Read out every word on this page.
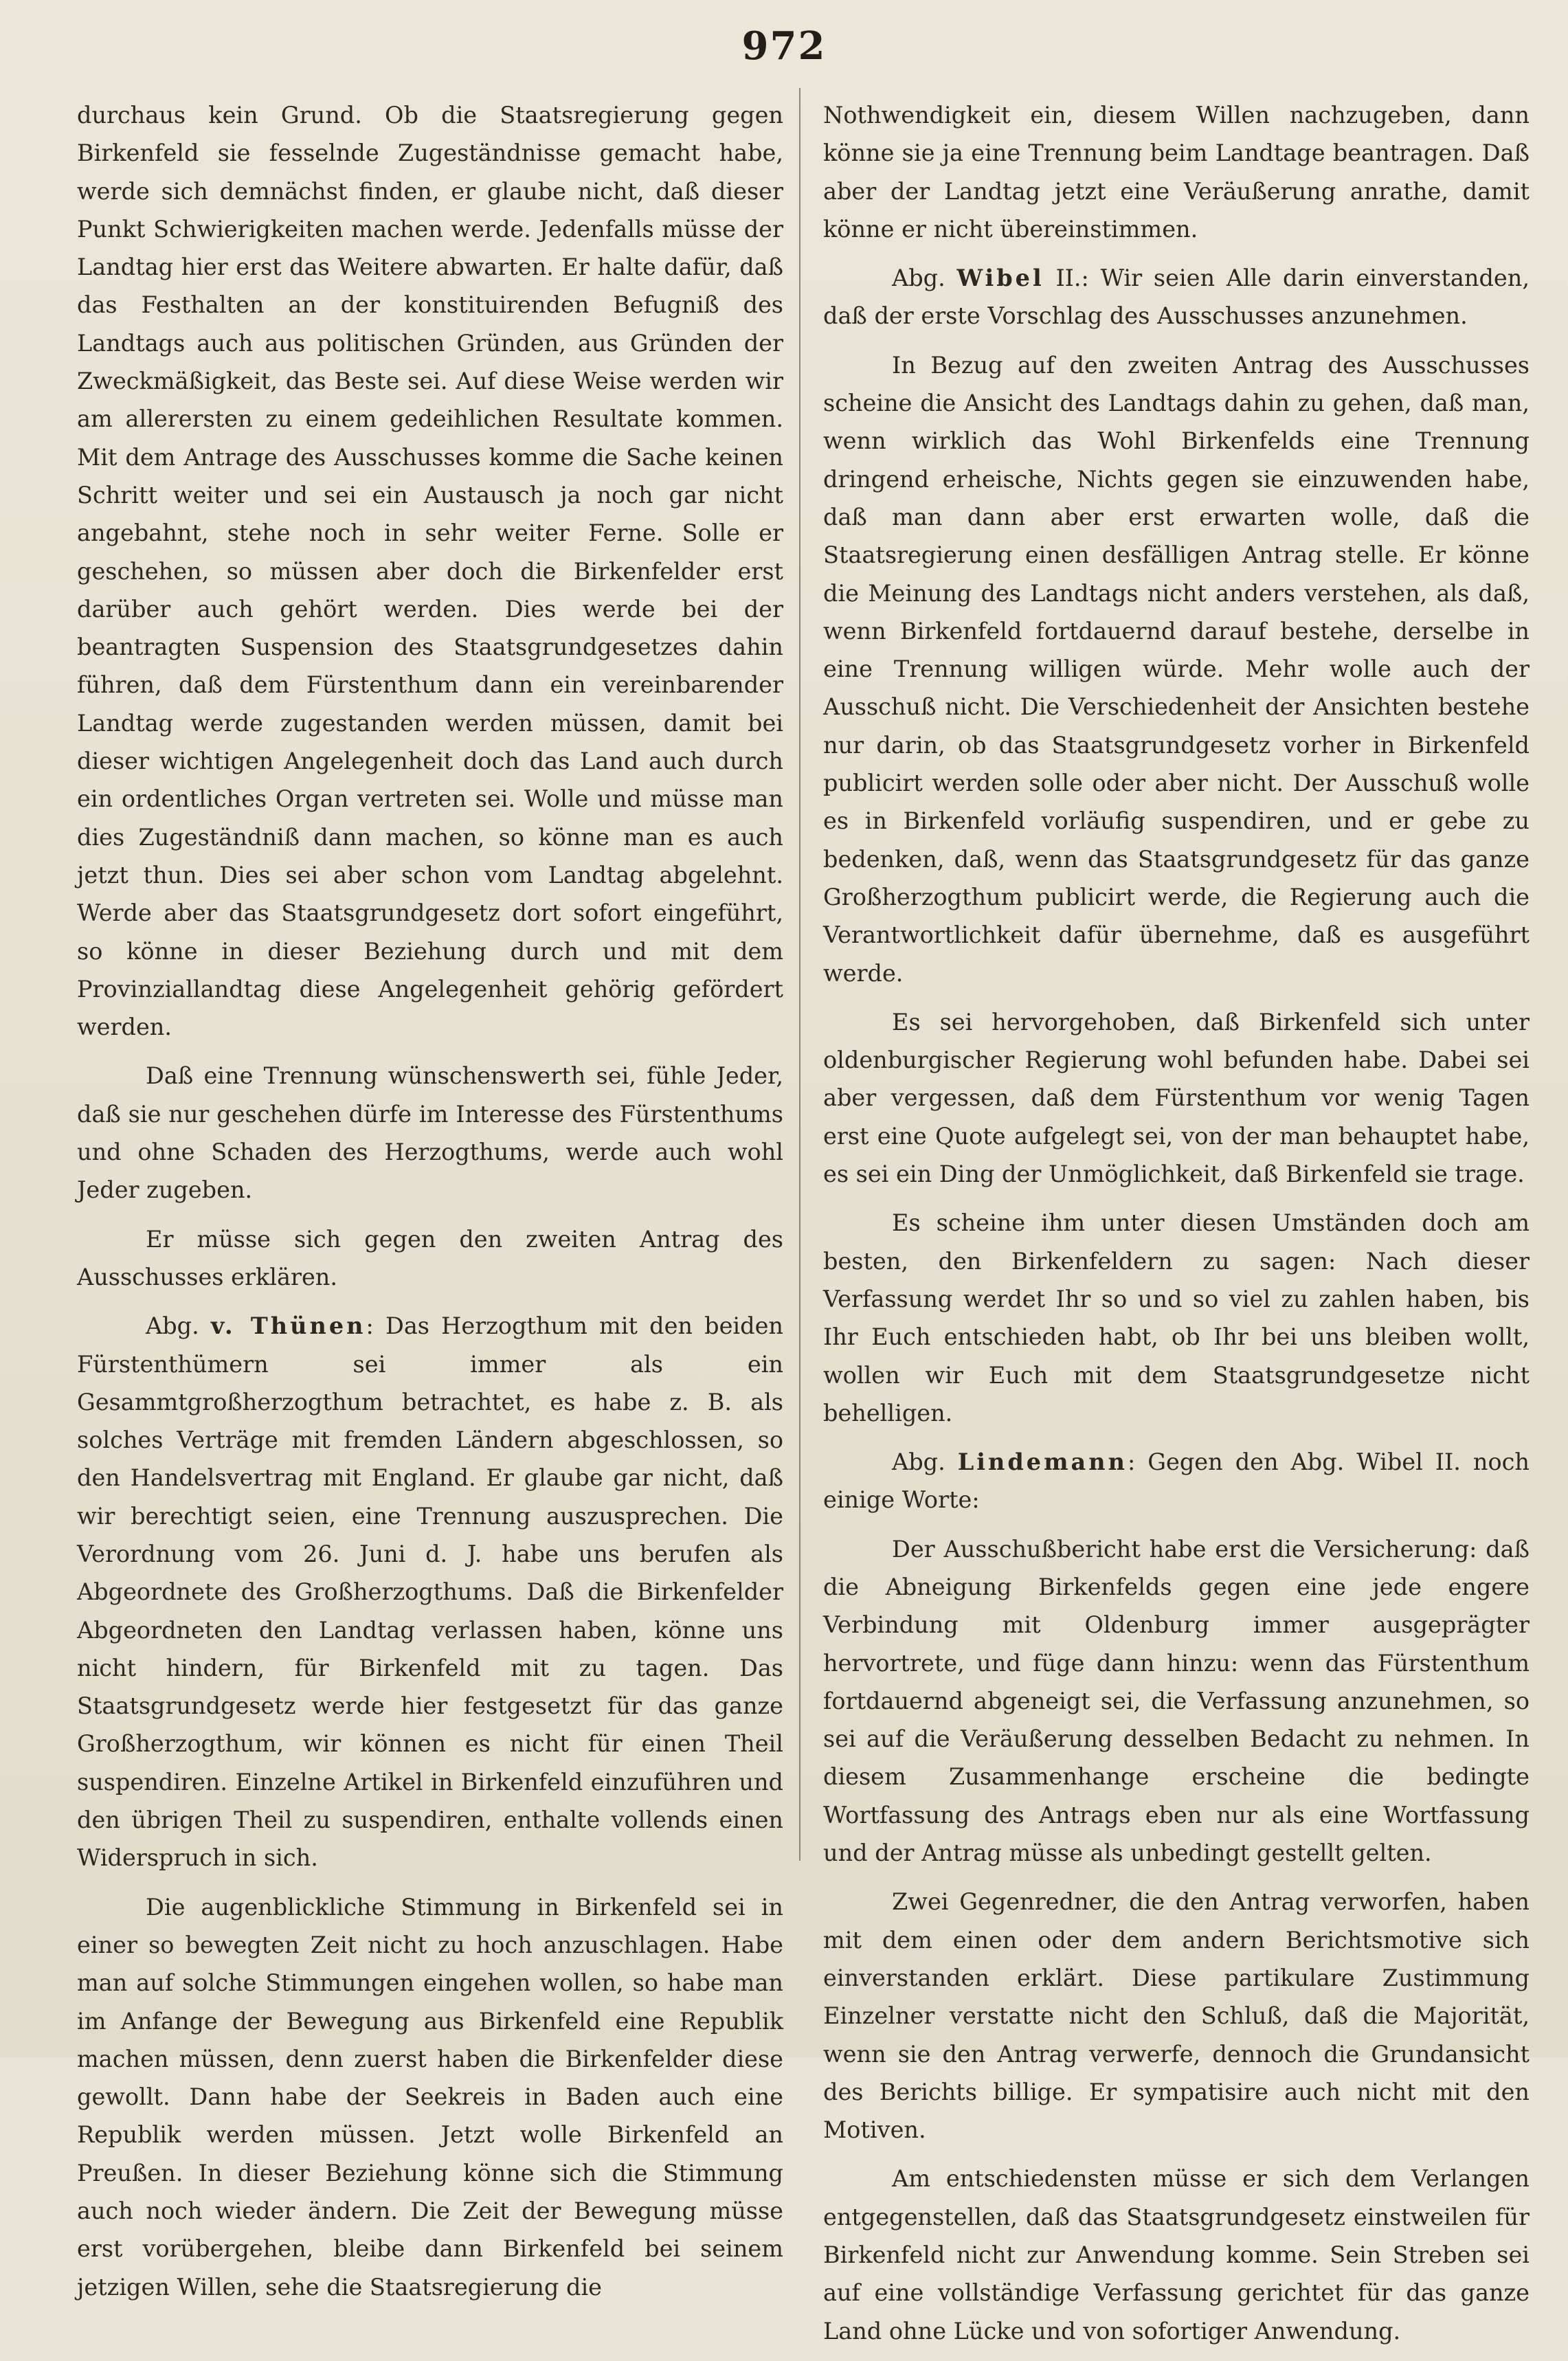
972

durchaus kein Grund. Ob die Staatsregierung gegen Birkenfeld sie fesselnde Zugeständnisse gemacht habe, werde sich demnächst finden, er glaube nicht, daß dieser Punkt Schwierigkeiten machen werde. Jedenfalls müsse der Landtag hier erst das Weitere abwarten. Er halte dafür, daß das Festhalten an der konstituirenden Befugniß des Landtags auch aus politischen Gründen, aus Gründen der Zweckmäßigkeit, das Beste sei. Auf diese Weise werden wir am allerersten zu einem gedeihlichen Resultate kommen. Mit dem Antrage des Ausschusses komme die Sache keinen Schritt weiter und sei ein Austausch ja noch gar nicht angebahnt, stehe noch in sehr weiter Ferne. Solle er geschehen, so müssen aber doch die Birkenfelder erst darüber auch gehört werden. Dies werde bei der beantragten Suspension des Staatsgrundgesetzes dahin führen, daß dem Fürstenthum dann ein vereinbarender Landtag werde zugestanden werden müssen, damit bei dieser wichtigen Angelegenheit doch das Land auch durch ein ordentliches Organ vertreten sei. Wolle und müsse man dies Zugeständniß dann machen, so könne man es auch jetzt thun. Dies sei aber schon vom Landtag abgelehnt. Werde aber das Staatsgrundgesetz dort sofort eingeführt, so könne in dieser Beziehung durch und mit dem Provinziallandtag diese Angelegenheit gehörig gefördert werden.

Daß eine Trennung wünschenswerth sei, fühle Jeder, daß sie nur geschehen dürfe im Interesse des Fürstenthums und ohne Schaden des Herzogthums, werde auch wohl Jeder zugeben.

Er müsse sich gegen den zweiten Antrag des Ausschusses erklären.

Abg. v. Thünen: Das Herzogthum mit den beiden Fürstenthümern sei immer als ein Gesammtgroßherzogthum betrachtet, es habe z. B. als solches Verträge mit fremden Ländern abgeschlossen, so den Handelsvertrag mit England. Er glaube gar nicht, daß wir berechtigt seien, eine Trennung auszusprechen. Die Verordnung vom 26. Juni d. J. habe uns berufen als Abgeordnete des Großherzogthums. Daß die Birkenfelder Abgeordneten den Landtag verlassen haben, könne uns nicht hindern, für Birkenfeld mit zu tagen. Das Staatsgrundgesetz werde hier festgesetzt für das ganze Großherzogthum, wir können es nicht für einen Theil suspendiren. Einzelne Artikel in Birkenfeld einzuführen und den übrigen Theil zu suspendiren, enthalte vollends einen Widerspruch in sich.

Die augenblickliche Stimmung in Birkenfeld sei in einer so bewegten Zeit nicht zu hoch anzuschlagen. Habe man auf solche Stimmungen eingehen wollen, so habe man im Anfange der Bewegung aus Birkenfeld eine Republik machen müssen, denn zuerst haben die Birkenfelder diese gewollt. Dann habe der Seekreis in Baden auch eine Republik werden müssen. Jetzt wolle Birkenfeld an Preußen. In dieser Beziehung könne sich die Stimmung auch noch wieder ändern. Die Zeit der Bewegung müsse erst vorübergehen, bleibe dann Birkenfeld bei seinem jetzigen Willen, sehe die Staatsregierung die

Nothwendigkeit ein, diesem Willen nachzugeben, dann könne sie ja eine Trennung beim Landtage beantragen. Daß aber der Landtag jetzt eine Veräußerung anrathe, damit könne er nicht übereinstimmen.

Abg. Wibel II.: Wir seien Alle darin einverstanden, daß der erste Vorschlag des Ausschusses anzunehmen.

In Bezug auf den zweiten Antrag des Ausschusses scheine die Ansicht des Landtags dahin zu gehen, daß man, wenn wirklich das Wohl Birkenfelds eine Trennung dringend erheische, Nichts gegen sie einzuwenden habe, daß man dann aber erst erwarten wolle, daß die Staatsregierung einen desfälligen Antrag stelle. Er könne die Meinung des Landtags nicht anders verstehen, als daß, wenn Birkenfeld fortdauernd darauf bestehe, derselbe in eine Trennung willigen würde. Mehr wolle auch der Ausschuß nicht. Die Verschiedenheit der Ansichten bestehe nur darin, ob das Staatsgrundgesetz vorher in Birkenfeld publicirt werden solle oder aber nicht. Der Ausschuß wolle es in Birkenfeld vorläufig suspendiren, und er gebe zu bedenken, daß, wenn das Staatsgrundgesetz für das ganze Großherzogthum publicirt werde, die Regierung auch die Verantwortlichkeit dafür übernehme, daß es ausgeführt werde.

Es sei hervorgehoben, daß Birkenfeld sich unter oldenburgischer Regierung wohl befunden habe. Dabei sei aber vergessen, daß dem Fürstenthum vor wenig Tagen erst eine Quote aufgelegt sei, von der man behauptet habe, es sei ein Ding der Unmöglichkeit, daß Birkenfeld sie trage.

Es scheine ihm unter diesen Umständen doch am besten, den Birkenfeldern zu sagen: Nach dieser Verfassung werdet Ihr so und so viel zu zahlen haben, bis Ihr Euch entschieden habt, ob Ihr bei uns bleiben wollt, wollen wir Euch mit dem Staatsgrundgesetze nicht behelligen.

Abg. Lindemann: Gegen den Abg. Wibel II. noch einige Worte:

Der Ausschußbericht habe erst die Versicherung: daß die Abneigung Birkenfelds gegen eine jede engere Verbindung mit Oldenburg immer ausgeprägter hervortrete, und füge dann hinzu: wenn das Fürstenthum fortdauernd abgeneigt sei, die Verfassung anzunehmen, so sei auf die Veräußerung desselben Bedacht zu nehmen. In diesem Zusammenhange erscheine die bedingte Wortfassung des Antrags eben nur als eine Wortfassung und der Antrag müsse als unbedingt gestellt gelten.

Zwei Gegenredner, die den Antrag verworfen, haben mit dem einen oder dem andern Berichtsmotive sich einverstanden erklärt. Diese partikulare Zustimmung Einzelner verstatte nicht den Schluß, daß die Majorität, wenn sie den Antrag verwerfe, dennoch die Grundansicht des Berichts billige. Er sympatisire auch nicht mit den Motiven.

Am entschiedensten müsse er sich dem Verlangen entgegenstellen, daß das Staatsgrundgesetz einstweilen für Birkenfeld nicht zur Anwendung komme. Sein Streben sei auf eine vollständige Verfassung gerichtet für das ganze Land ohne Lücke und von sofortiger Anwendung.
